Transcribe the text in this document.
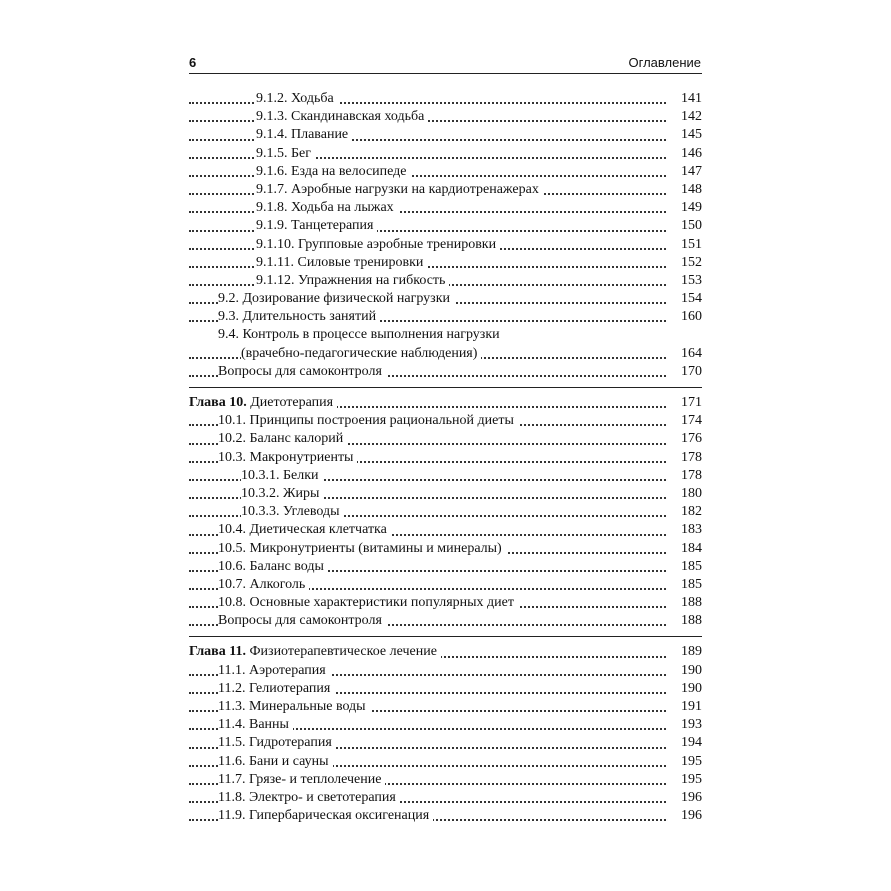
6	Оглавление
9.1.2. Ходьба	141
9.1.3. Скандинавская ходьба	142
9.1.4. Плавание	145
9.1.5. Бег	146
9.1.6. Езда на велосипеде	147
9.1.7. Аэробные нагрузки на кардиотренажерах	148
9.1.8. Ходьба на лыжах	149
9.1.9. Танцетерапия	150
9.1.10. Групповые аэробные тренировки	151
9.1.11. Силовые тренировки	152
9.1.12. Упражнения на гибкость	153
9.2. Дозирование физической нагрузки	154
9.3. Длительность занятий	160
9.4. Контроль в процессе выполнения нагрузки
(врачебно-педагогические наблюдения)	164
Вопросы для самоконтроля	170
Глава 10. Диетотерапия	171
10.1. Принципы построения рациональной диеты	174
10.2. Баланс калорий	176
10.3. Макронутриенты	178
10.3.1. Белки	178
10.3.2. Жиры	180
10.3.3. Углеводы	182
10.4. Диетическая клетчатка	183
10.5. Микронутриенты (витамины и минералы)	184
10.6. Баланс воды	185
10.7. Алкоголь	185
10.8. Основные характеристики популярных диет	188
Вопросы для самоконтроля	188
Глава 11. Физиотерапевтическое лечение	189
11.1. Аэротерапия	190
11.2. Гелиотерапия	190
11.3. Минеральные воды	191
11.4. Ванны	193
11.5. Гидротерапия	194
11.6. Бани и сауны	195
11.7. Грязе- и теплолечение	195
11.8. Электро- и светотерапия	196
11.9. Гипербарическая оксигенация	196
